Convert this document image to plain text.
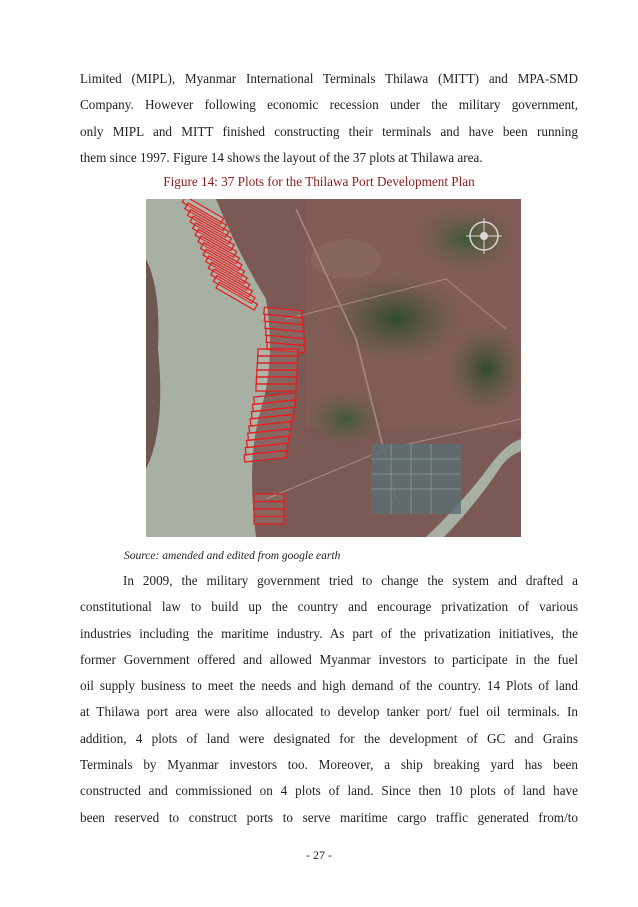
Limited (MIPL), Myanmar International Terminals Thilawa (MITT) and MPA-SMD
Company. However following economic recession under the military government,
only MIPL and MITT finished constructing their terminals and have been running
them since 1997. Figure 14 shows the layout of the 37 plots at Thilawa area.

Figure 14: 37 Plots for the Thilawa Port Development Plan

Source: amended and edited from google earth

In 2009, the military government tried to change the system and drafted a
constitutional law to build up the country and encourage privatization of various
industries including the maritime industry. As part of the privatization initiatives, the
former Government offered and allowed Myanmar investors to participate in the fuel
oil supply business to meet the needs and high demand of the country. 14 Plots of land
at Thilawa port area were also allocated to develop tanker port/ fuel oil terminals. In
addition, 4 plots of land were designated for the development of GC and Grains
Terminals by Myanmar investors too. Moreover, a ship breaking yard has been
constructed and commissioned on 4 plots of land. Since then 10 plots of land have
been reserved to construct ports to serve maritime cargo traffic generated from/to

- 27 -
